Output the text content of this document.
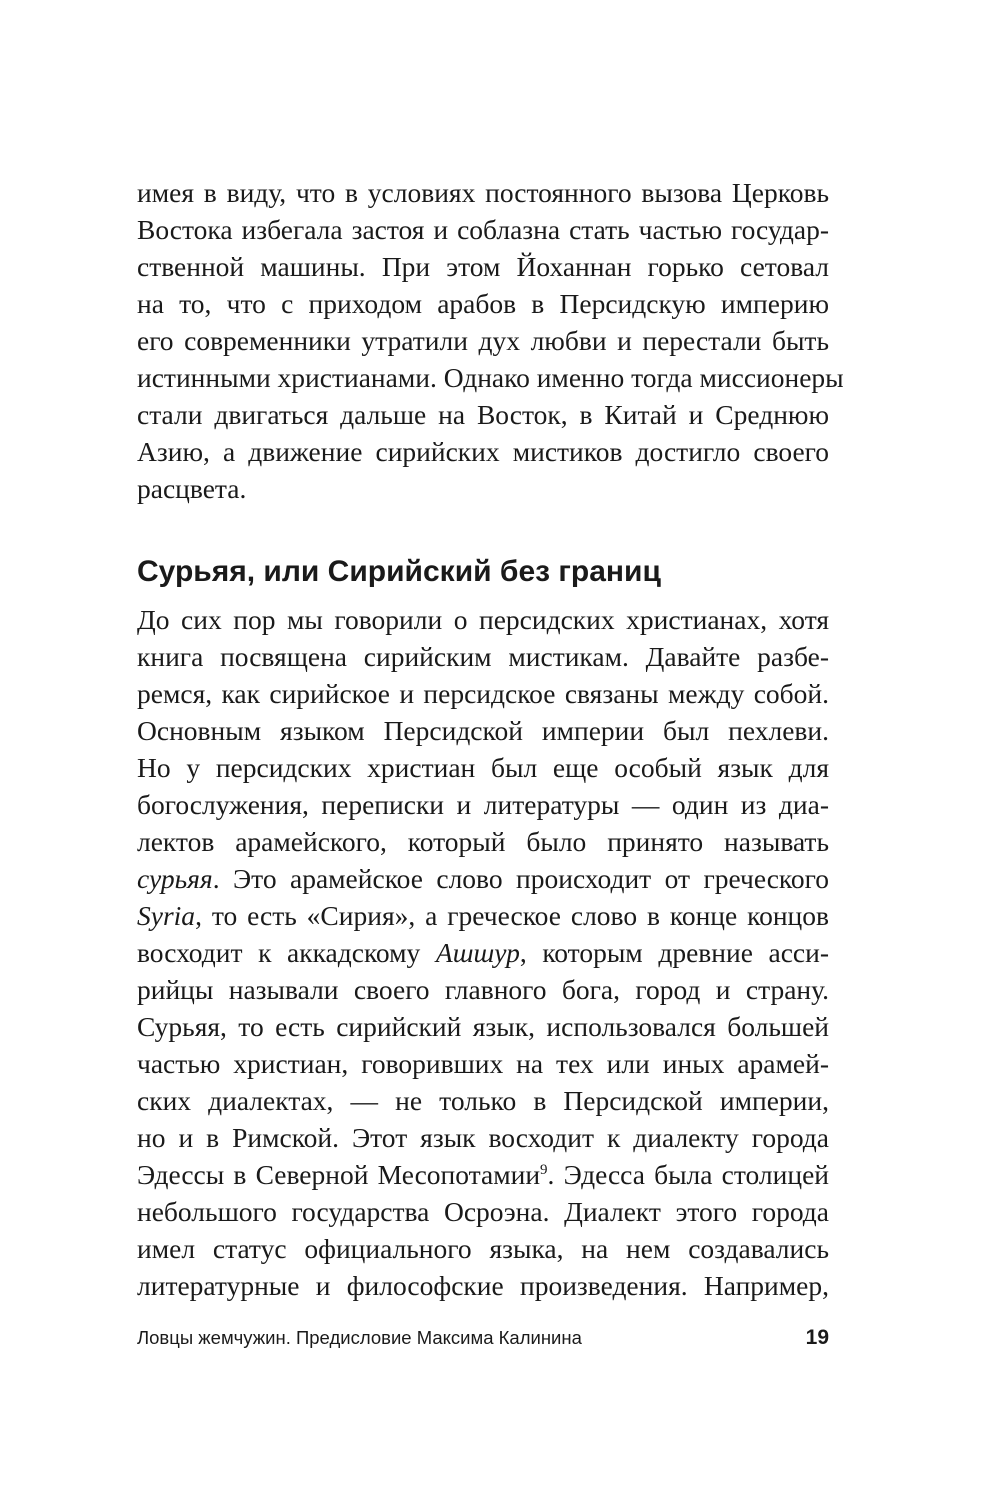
имея в виду, что в условиях постоянного вызова Церковь
Востока избегала застоя и соблазна стать частью государ-
ственной машины. При этом Йоханнан горько сетовал
на то, что с приходом арабов в Персидскую империю
его современники утратили дух любви и перестали быть
истинными христианами. Однако именно тогда миссионеры
стали двигаться дальше на Восток, в Китай и Среднюю
Азию, а движение сирийских мистиков достигло своего
расцвета.
Сурьяя, или Сирийский без границ
До сих пор мы говорили о персидских христианах, хотя
книга посвящена сирийским мистикам. Давайте разбе-
ремся, как сирийское и персидское связаны между собой.
Основным языком Персидской империи был пехлеви.
Но у персидских христиан был еще особый язык для
богослужения, переписки и литературы — один из диа-
лектов арамейского, который было принято называть
сурьяя. Это арамейское слово происходит от греческого
Syria, то есть «Сирия», а греческое слово в конце концов
восходит к аккадскому Ашшур, которым древние асси-
рийцы называли своего главного бога, город и страну.
Сурьяя, то есть сирийский язык, использовался большей
частью христиан, говоривших на тех или иных арамей-
ских диалектах, — не только в Персидской империи,
но и в Римской. Этот язык восходит к диалекту города
Эдессы в Северной Месопотамии$^9$. Эдесса была столицей
небольшого государства Осроэна. Диалект этого города
имел статус официального языка, на нем создавались
литературные и философские произведения. Например,
Ловцы жемчужин. Предисловие Максима Калинина	19
